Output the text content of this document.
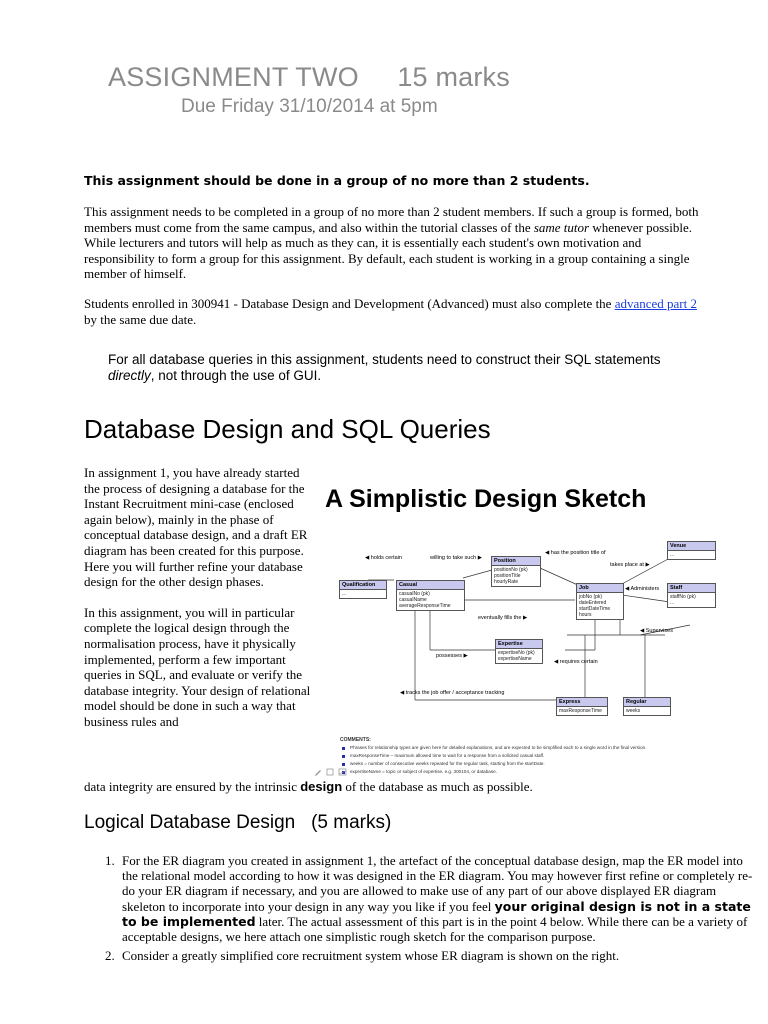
ASSIGNMENT TWO     15 marks
Due Friday 31/10/2014 at 5pm
This assignment should be done in a group of no more than 2 students.
This assignment needs to be completed in a group of no more than 2 student members. If such a group is formed, both members must come from the same campus, and also within the tutorial classes of the same tutor whenever possible. While lecturers and tutors will help as much as they can, it is essentially each student's own motivation and responsibility to form a group for this assignment. By default, each student is working in a group containing a single member of himself.
Students enrolled in 300941 - Database Design and Development (Advanced) must also complete the advanced part 2 by the same due date.
For all database queries in this assignment, students need to construct their SQL statements directly, not through the use of GUI.
Database Design and SQL Queries

In assignment 1, you have already started the process of designing a database for the Instant Recruitment mini-case (enclosed again below), mainly in the phase of conceptual database design, and a draft ER diagram has been created for this purpose. Here you will further refine your database design for the other design phases.

In this assignment, you will in particular complete the logical design through the normalisation process, have it physically implemented, perform a few important queries in SQL, and evaluate or verify the database integrity. Your design of relational model should be done in such a way that business rules and

A Simplistic Design Sketch
Qualification
...
Casual
casualNo (pk)
casualName
averageResponseTime
Position
positionNo (pk)
positionTitle
hourlyRate
Venue
...
Job
jobNo (pk)
dateEntered
startDateTime
hours
Staff
staffNo (pk)
...
Expertise
expertiseNo (pk)
expertiseName
Express
maxResponseTime
Regular
weeks
◀ holds certain	willing to take such ▶
◀ has the position title of
takes place at ▶
◀ Administers
eventually fills the ▶
◀ Supervises
possesses ▶
◀ requires certain
◀ tracks the job offer / acceptance tracking
COMMENTS:
Phrases for relationship types are given here for detailed explanations, and are expected to be simplified each to a single word in the final version.
maxResponseTime – maximum allowed time to wait for a response from a solicited casual staff.
weeks = number of consecutive weeks repeated for the regular task, starting from the startDate.
expertiseName = topic or subject of expertise, e.g. 300104, or database.
data integrity are ensured by the intrinsic design of the database as much as possible.
Logical Database Design   (5 marks)
1. For the ER diagram you created in assignment 1, the artefact of the conceptual database design, map the ER model into the relational model according to how it was designed in the ER diagram. You may however first refine or completely re-do your ER diagram if necessary, and you are allowed to make use of any part of our above displayed ER diagram skeleton to incorporate into your design in any way you like if you feel your original design is not in a state to be implemented later. The actual assessment of this part is in the point 4 below. While there can be a variety of acceptable designs, we here attach one simplistic rough sketch for the comparison purpose.
2. Consider a greatly simplified core recruitment system whose ER diagram is shown on the right.
